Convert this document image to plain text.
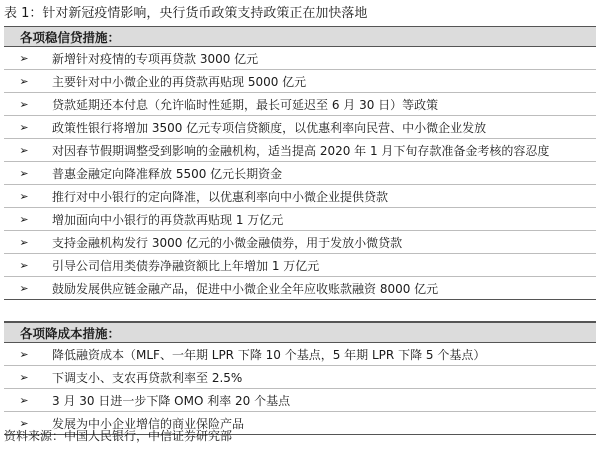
表 1：针对新冠疫情影响，央行货币政策支持政策正在加快落地
各项稳信贷措施：
➢	新增针对疫情的专项再贷款 3000 亿元
➢	主要针对中小微企业的再贷款再贴现 5000 亿元
➢	贷款延期还本付息（允许临时性延期，最长可延迟至 6 月 30 日）等政策
➢	政策性银行将增加 3500 亿元专项信贷额度，以优惠利率向民营、中小微企业发放
➢	对因春节假期调整受到影响的金融机构，适当提高 2020 年 1 月下旬存款准备金考核的容忍度
➢	普惠金融定向降准释放 5500 亿元长期资金
➢	推行对中小银行的定向降准，以优惠利率向中小微企业提供贷款
➢	增加面向中小银行的再贷款再贴现 1 万亿元
➢	支持金融机构发行 3000 亿元的小微金融债券，用于发放小微贷款
➢	引导公司信用类债券净融资额比上年增加 1 万亿元
➢	鼓励发展供应链金融产品，促进中小微企业全年应收账款融资 8000 亿元
各项降成本措施：
➢	降低融资成本（MLF、一年期 LPR 下降 10 个基点，5 年期 LPR 下降 5 个基点）
➢	下调支小、支农再贷款利率至 2.5%
➢	3 月 30 日进一步下降 OMO 利率 20 个基点
➢	发展为中小企业增信的商业保险产品
资料来源：中国人民银行，中信证券研究部
